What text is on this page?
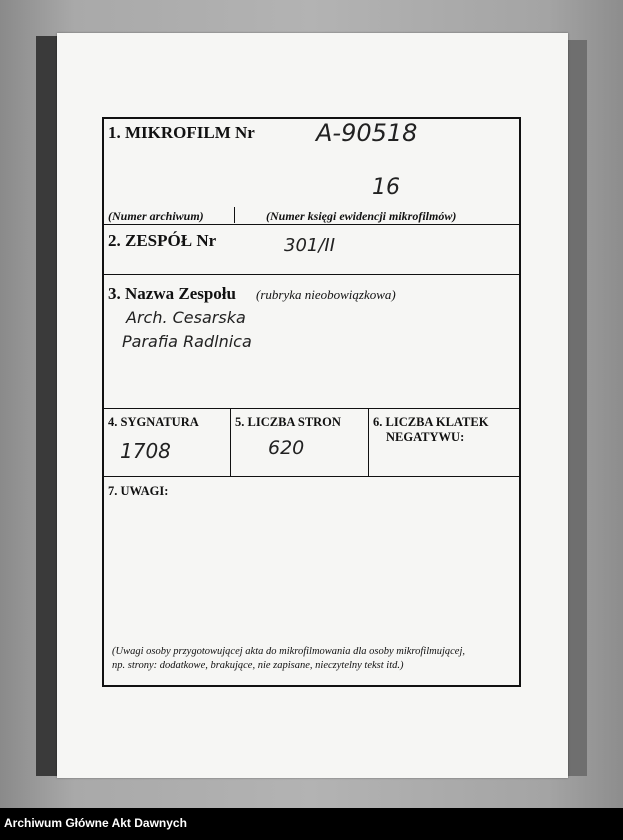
1. MIKROFILM Nr	A-90518
16
(Numer archiwum)	(Numer księgi ewidencji mikrofilmów)
2. ZESPÓŁ Nr	301/II
3. Nazwa Zespołu (rubryka nieobowiązkowa)
Arch. Cesarska
Parafia Radlnica
4. SYGNATURA
1708
5. LICZBA STRON
620
6. LICZBA KLATEK
NEGATYWU:
7. UWAGI:
(Uwagi osoby przygotowującej akta do mikrofilmowania dla osoby mikrofilmującej,
np. strony: dodatkowe, brakujące, nie zapisane, nieczytelny tekst itd.)
Archiwum Główne Akt Dawnych
